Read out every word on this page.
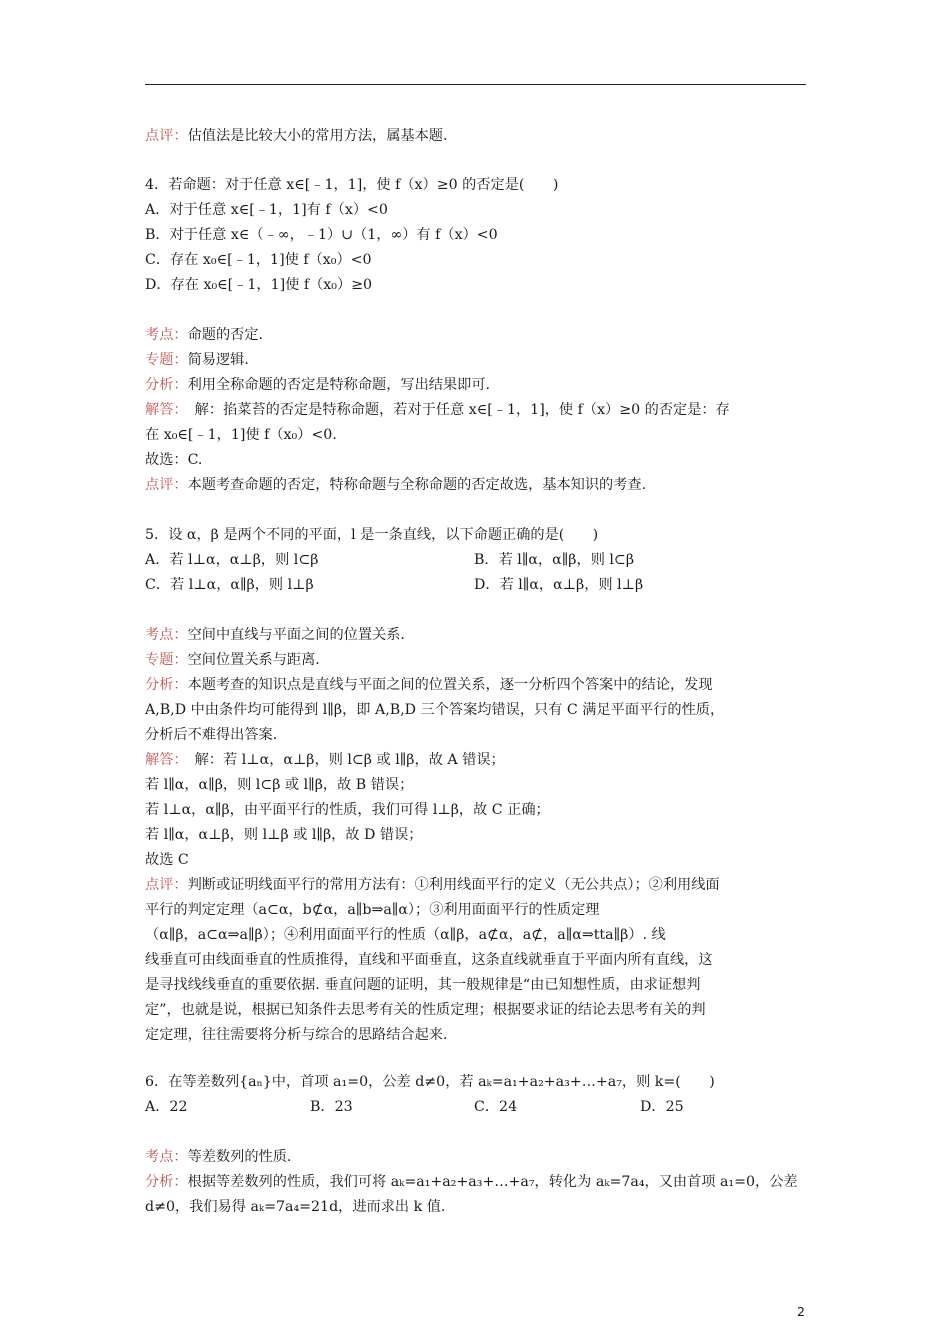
点评：估值法是比较大小的常用方法，属基本题.
4．若命题：对于任意 x∈[﹣1，1]，使 f（x）≥0 的否定是(　　)
A．对于任意 x∈[﹣1，1]有 f（x）<0
B．对于任意 x∈（﹣∞，﹣1）∪（1，∞）有 f（x）<0
C．存在 x₀∈[﹣1，1]使 f（x₀）<0
D．存在 x₀∈[﹣1，1]使 f（x₀）≥0
考点：命题的否定.
专题：简易逻辑.
分析：利用全称命题的否定是特称命题，写出结果即可.
解答：　解：掐菜苔的否定是特称命题，若对于任意 x∈[﹣1，1]，使 f（x）≥0 的否定是：存
在 x₀∈[﹣1，1]使 f（x₀）<0.
故选：C.
点评：本题考查命题的否定，特称命题与全称命题的否定故选，基本知识的考查.
5．设 α，β 是两个不同的平面，l 是一条直线，以下命题正确的是(　　)
A．若 l⊥α，α⊥β，则 l⊂β	B．若 l∥α，α∥β，则 l⊂β
C．若 l⊥α，α∥β，则 l⊥β	D．若 l∥α，α⊥β，则 l⊥β
考点：空间中直线与平面之间的位置关系.
专题：空间位置关系与距离.
分析：本题考查的知识点是直线与平面之间的位置关系，逐一分析四个答案中的结论，发现
A,B,D 中由条件均可能得到 l∥β，即 A,B,D 三个答案均错误，只有 C 满足平面平行的性质，
分析后不难得出答案.
解答：　解：若 l⊥α，α⊥β，则 l⊂β 或 l∥β，故 A 错误；
若 l∥α，α∥β，则 l⊂β 或 l∥β，故 B 错误；
若 l⊥α，α∥β，由平面平行的性质，我们可得 l⊥β，故 C 正确；
若 l∥α，α⊥β，则 l⊥β 或 l∥β，故 D 错误；
故选 C
点评：判断或证明线面平行的常用方法有：①利用线面平行的定义（无公共点）；②利用线面
平行的判定定理（a⊂α，b⊄α，a∥b⇒a∥α）；③利用面面平行的性质定理
（α∥β，a⊂α⇒a∥β）；④利用面面平行的性质（α∥β，a⊄α，a⊄，a∥α⇒tta∥β）. 线
线垂直可由线面垂直的性质推得，直线和平面垂直，这条直线就垂直于平面内所有直线，这
是寻找线线垂直的重要依据. 垂直问题的证明，其一般规律是“由已知想性质，由求证想判
定”，也就是说，根据已知条件去思考有关的性质定理；根据要求证的结论去思考有关的判
定定理，往往需要将分析与综合的思路结合起来.
6．在等差数列{aₙ}中，首项 a₁=0，公差 d≠0，若 aₖ=a₁+a₂+a₃+…+a₇，则 k=(　　)
A．22	B．23	C．24	D．25
考点：等差数列的性质.
分析：根据等差数列的性质，我们可将 aₖ=a₁+a₂+a₃+…+a₇，转化为 aₖ=7a₄，又由首项 a₁=0，公差
d≠0，我们易得 aₖ=7a₄=21d，进而求出 k 值.
2
